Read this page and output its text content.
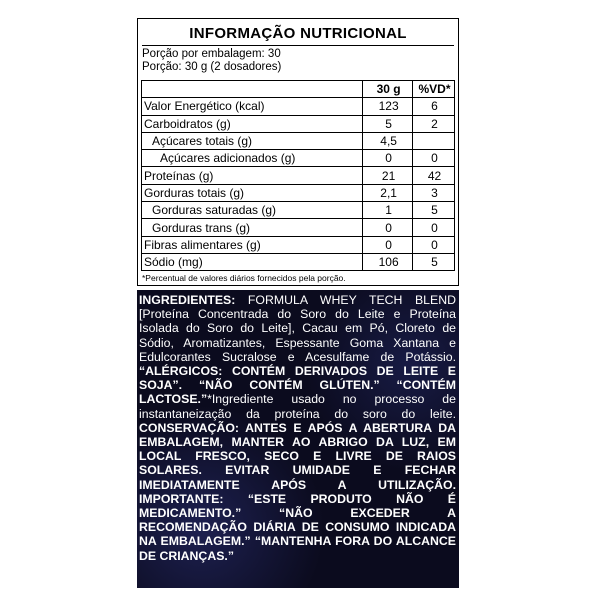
INFORMAÇÃO NUTRICIONAL
Porção por embalagem: 30
Porção: 30 g (2 dosadores)
	30 g	%VD*
Valor Energético (kcal)	123	6
Carboidratos (g)	5	2
Açúcares totais (g)	4,5	
Açúcares adicionados (g)	0	0
Proteínas (g)	21	42
Gorduras totais (g)	2,1	3
Gorduras saturadas (g)	1	5
Gorduras trans (g)	0	0
Fibras alimentares (g)	0	0
Sódio (mg)	106	5
*Percentual de valores diários fornecidos pela porção.
INGREDIENTES: FORMULA WHEY TECH BLEND [Proteína Concentrada do Soro do Leite e Proteína Isolada do Soro do Leite], Cacau em Pó, Cloreto de Sódio, Aromatizantes, Espessante Goma Xantana e Edulcorantes Sucralose e Acesulfame de Potássio. “ALÉRGICOS: CONTÉM DERIVADOS DE LEITE E SOJA”. “NÃO CONTÉM GLÚTEN.” “CONTÉM LACTOSE.”*Ingrediente usado no processo de instantaneização da proteína do soro do leite. CONSERVAÇÃO: ANTES E APÓS A ABERTURA DA EMBALAGEM, MANTER AO ABRIGO DA LUZ, EM LOCAL FRESCO, SECO E LIVRE DE RAIOS SOLARES. EVITAR UMIDADE E FECHAR IMEDIATAMENTE APÓS A UTILIZAÇÃO. IMPORTANTE: “ESTE PRODUTO NÃO É MEDICAMENTO.” “NÃO EXCEDER A RECOMENDAÇÃO DIÁRIA DE CONSUMO INDICADA NA EMBALAGEM.” “MANTENHA FORA DO ALCANCE DE CRIANÇAS.”
